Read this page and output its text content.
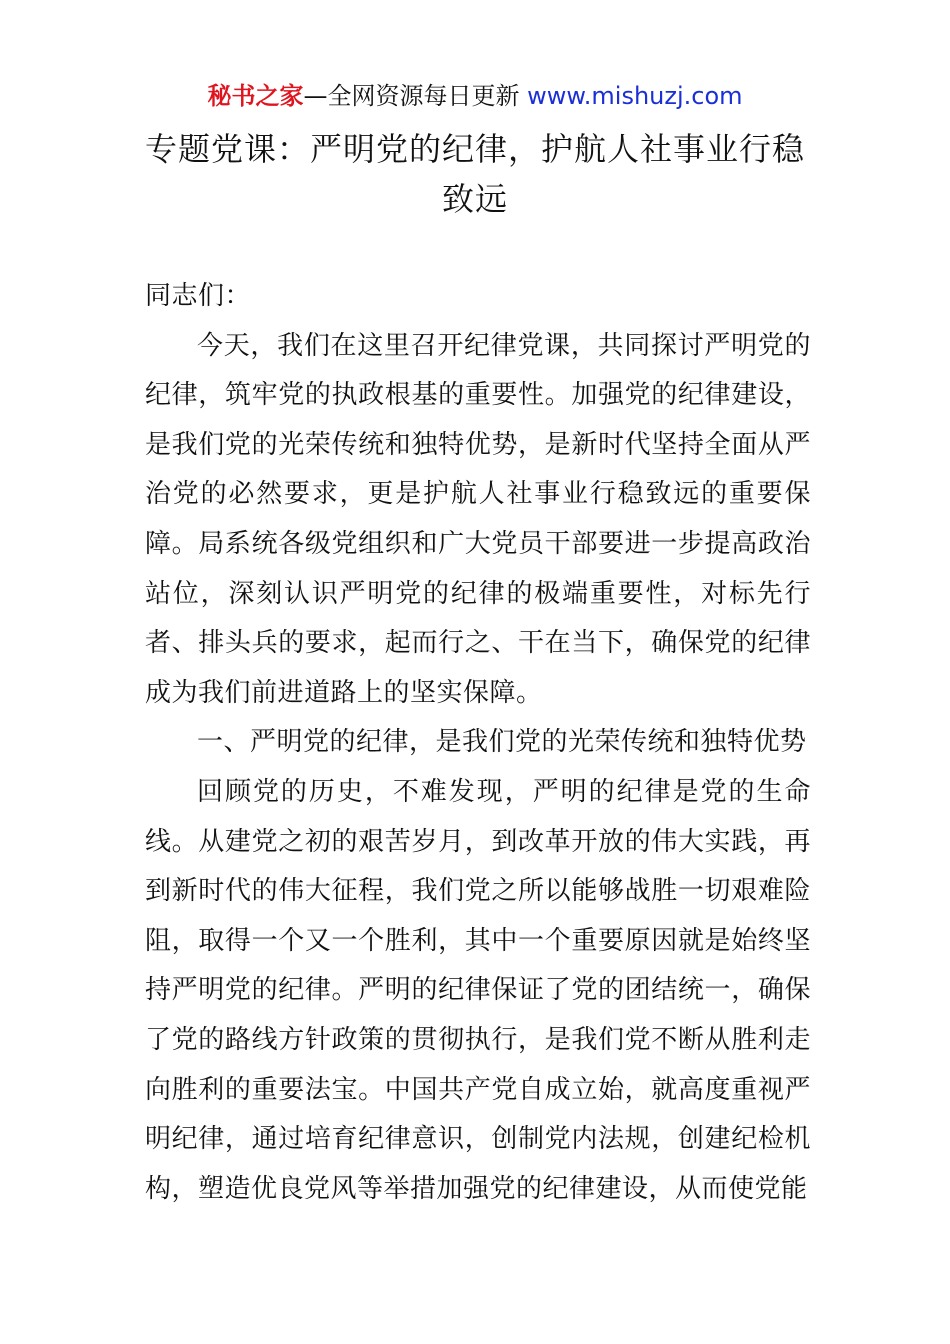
秘书之家—全网资源每日更新 www.mishuzj.com
专题党课：严明党的纪律，护航人社事业行稳致远

同志们：

今天，我们在这里召开纪律党课，共同探讨严明党的纪律，筑牢党的执政根基的重要性。加强党的纪律建设，是我们党的光荣传统和独特优势，是新时代坚持全面从严治党的必然要求，更是护航人社事业行稳致远的重要保障。局系统各级党组织和广大党员干部要进一步提高政治站位，深刻认识严明党的纪律的极端重要性，对标先行者、排头兵的要求，起而行之、干在当下，确保党的纪律成为我们前进道路上的坚实保障。

一、严明党的纪律，是我们党的光荣传统和独特优势

回顾党的历史，不难发现，严明的纪律是党的生命线。从建党之初的艰苦岁月，到改革开放的伟大实践，再到新时代的伟大征程，我们党之所以能够战胜一切艰难险阻，取得一个又一个胜利，其中一个重要原因就是始终坚持严明党的纪律。严明的纪律保证了党的团结统一，确保了党的路线方针政策的贯彻执行，是我们党不断从胜利走向胜利的重要法宝。中国共产党自成立始，就高度重视严明纪律，通过培育纪律意识，创制党内法规，创建纪检机构，塑造优良党风等举措加强党的纪律建设，从而使党能
